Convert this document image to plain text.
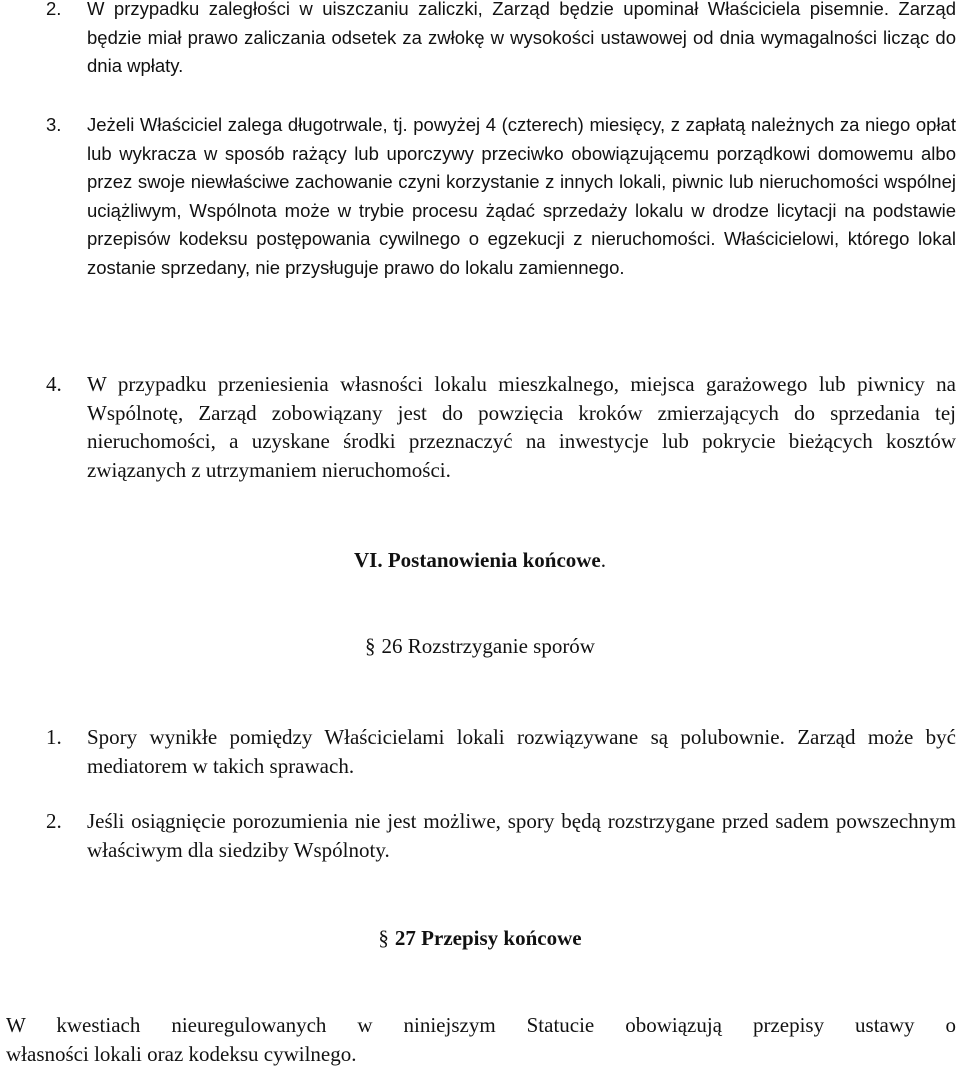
2.	W przypadku zaległości w uiszczaniu zaliczki, Zarząd będzie upominał Właściciela pisemnie. Zarząd będzie miał prawo zaliczania odsetek za zwłokę w wysokości ustawowej od dnia wymagalności licząc do dnia wpłaty.
3.	Jeżeli Właściciel zalega długotrwale, tj. powyżej 4 (czterech) miesięcy, z zapłatą należnych za niego opłat lub wykracza w sposób rażący lub uporczywy przeciwko obowiązującemu porządkowi domowemu albo przez swoje niewłaściwe zachowanie czyni korzystanie z innych lokali, piwnic lub nieruchomości wspólnej uciążliwym, Wspólnota może w trybie procesu żądać sprzedaży lokalu w drodze licytacji na podstawie przepisów kodeksu postępowania cywilnego o egzekucji z nieruchomości. Właścicielowi, którego lokal zostanie sprzedany, nie przysługuje prawo do lokalu zamiennego.
4.	W przypadku przeniesienia własności lokalu mieszkalnego, miejsca garażowego lub piwnicy na Wspólnotę, Zarząd zobowiązany jest do powzięcia kroków zmierzających do sprzedania tej nieruchomości, a uzyskane środki przeznaczyć na inwestycje lub pokrycie bieżących kosztów związanych z utrzymaniem nieruchomości.
VI. Postanowienia końcowe.
§ 26 Rozstrzyganie sporów
1.	Spory wynikłe pomiędzy Właścicielami lokali rozwiązywane są polubownie. Zarząd może być mediatorem w takich sprawach.
2.	Jeśli osiągnięcie porozumienia nie jest możliwe, spory będą rozstrzygane przed sadem powszechnym właściwym dla siedziby Wspólnoty.
§ 27 Przepisy końcowe
W kwestiach nieuregulowanych w niniejszym Statucie obowiązują przepisy ustawy o
własności lokali oraz kodeksu cywilnego.
